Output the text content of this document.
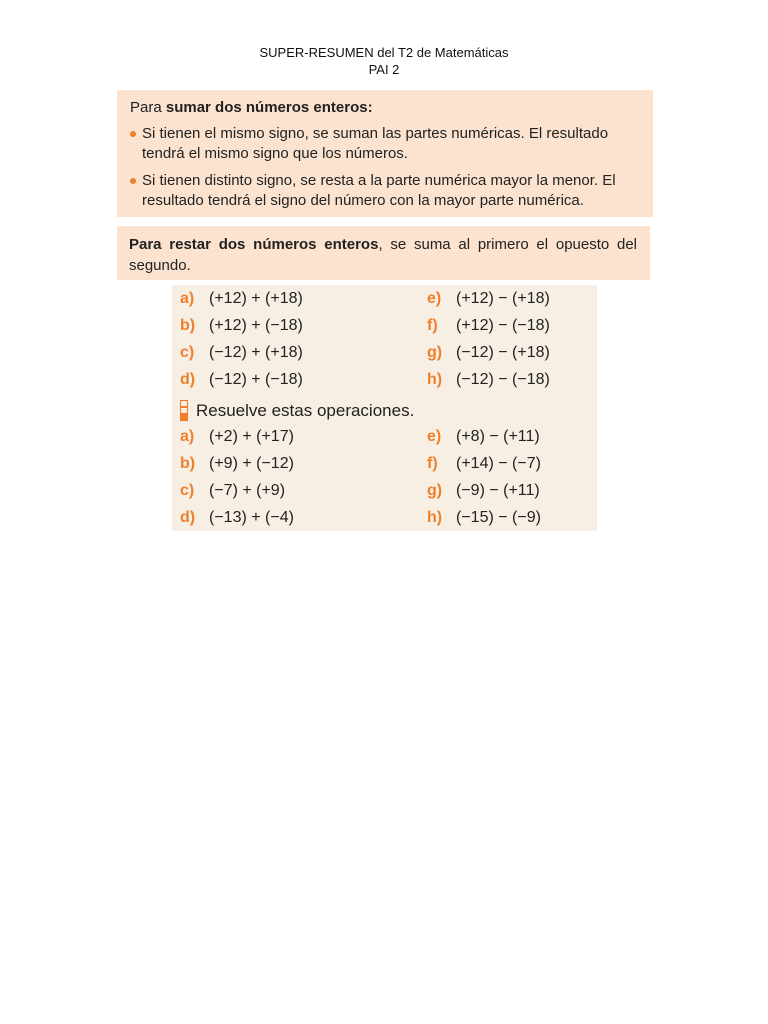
SUPER-RESUMEN del T2 de Matemáticas
PAI 2
Para sumar dos números enteros:
Si tienen el mismo signo, se suman las partes numéricas. El resultado tendrá el mismo signo que los números.
Si tienen distinto signo, se resta a la parte numérica mayor la menor. El resultado tendrá el signo del número con la mayor parte numérica.
Para restar dos números enteros, se suma al primero el opuesto del segundo.
a) (+12) + (+18)
b) (+12) + (−18)
c) (−12) + (+18)
d) (−12) + (−18)
e) (+12) − (+18)
f) (+12) − (−18)
g) (−12) − (+18)
h) (−12) − (−18)
Resuelve estas operaciones.
a) (+2) + (+17)
b) (+9) + (−12)
c) (−7) + (+9)
d) (−13) + (−4)
e) (+8) − (+11)
f) (+14) − (−7)
g) (−9) − (+11)
h) (−15) − (−9)
